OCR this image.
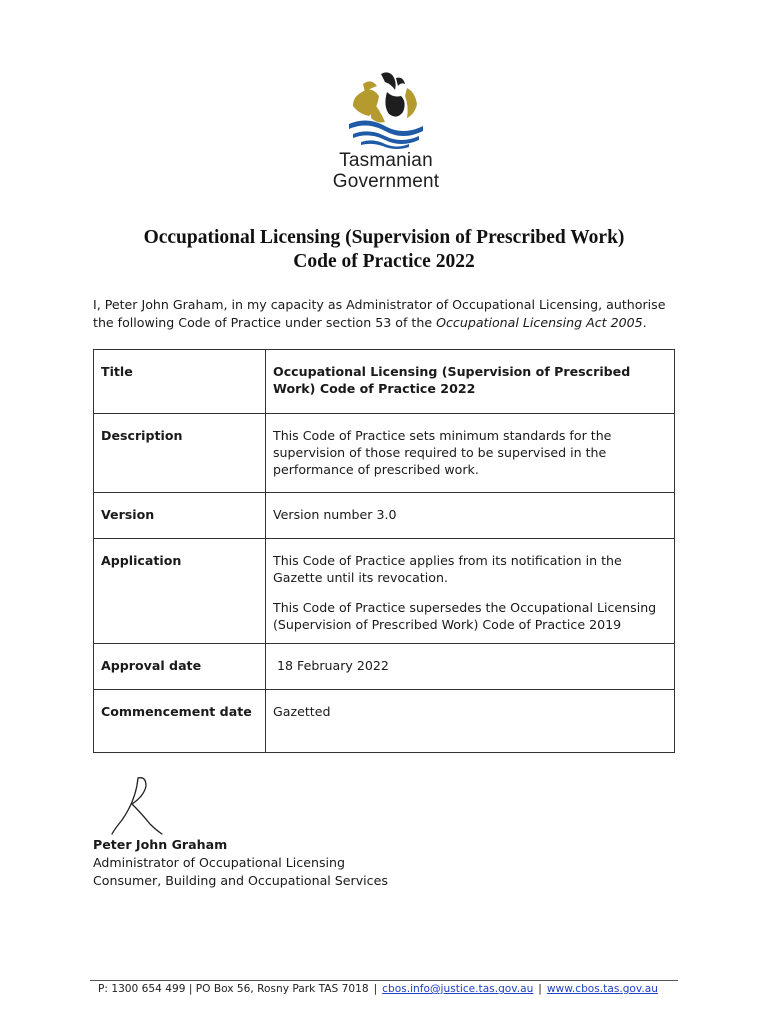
Tasmanian
Government
Occupational Licensing (Supervision of Prescribed Work)
Code of Practice 2022
I, Peter John Graham, in my capacity as Administrator of Occupational Licensing, authorise the following Code of Practice under section 53 of the Occupational Licensing Act 2005.
Title	Occupational Licensing (Supervision of Prescribed Work) Code of Practice 2022

Description	This Code of Practice sets minimum standards for the supervision of those required to be supervised in the performance of prescribed work.

Version	Version number 3.0

Application	This Code of Practice applies from its notification in the Gazette until its revocation.

This Code of Practice supersedes the Occupational Licensing (Supervision of Prescribed Work) Code of Practice 2019

Approval date	18 February 2022

Commencement date	Gazetted

Peter John Graham
Administrator of Occupational Licensing
Consumer, Building and Occupational Services
P: 1300 654 499 | PO Box 56, Rosny Park TAS 7018 | cbos.info@justice.tas.gov.au | www.cbos.tas.gov.au
